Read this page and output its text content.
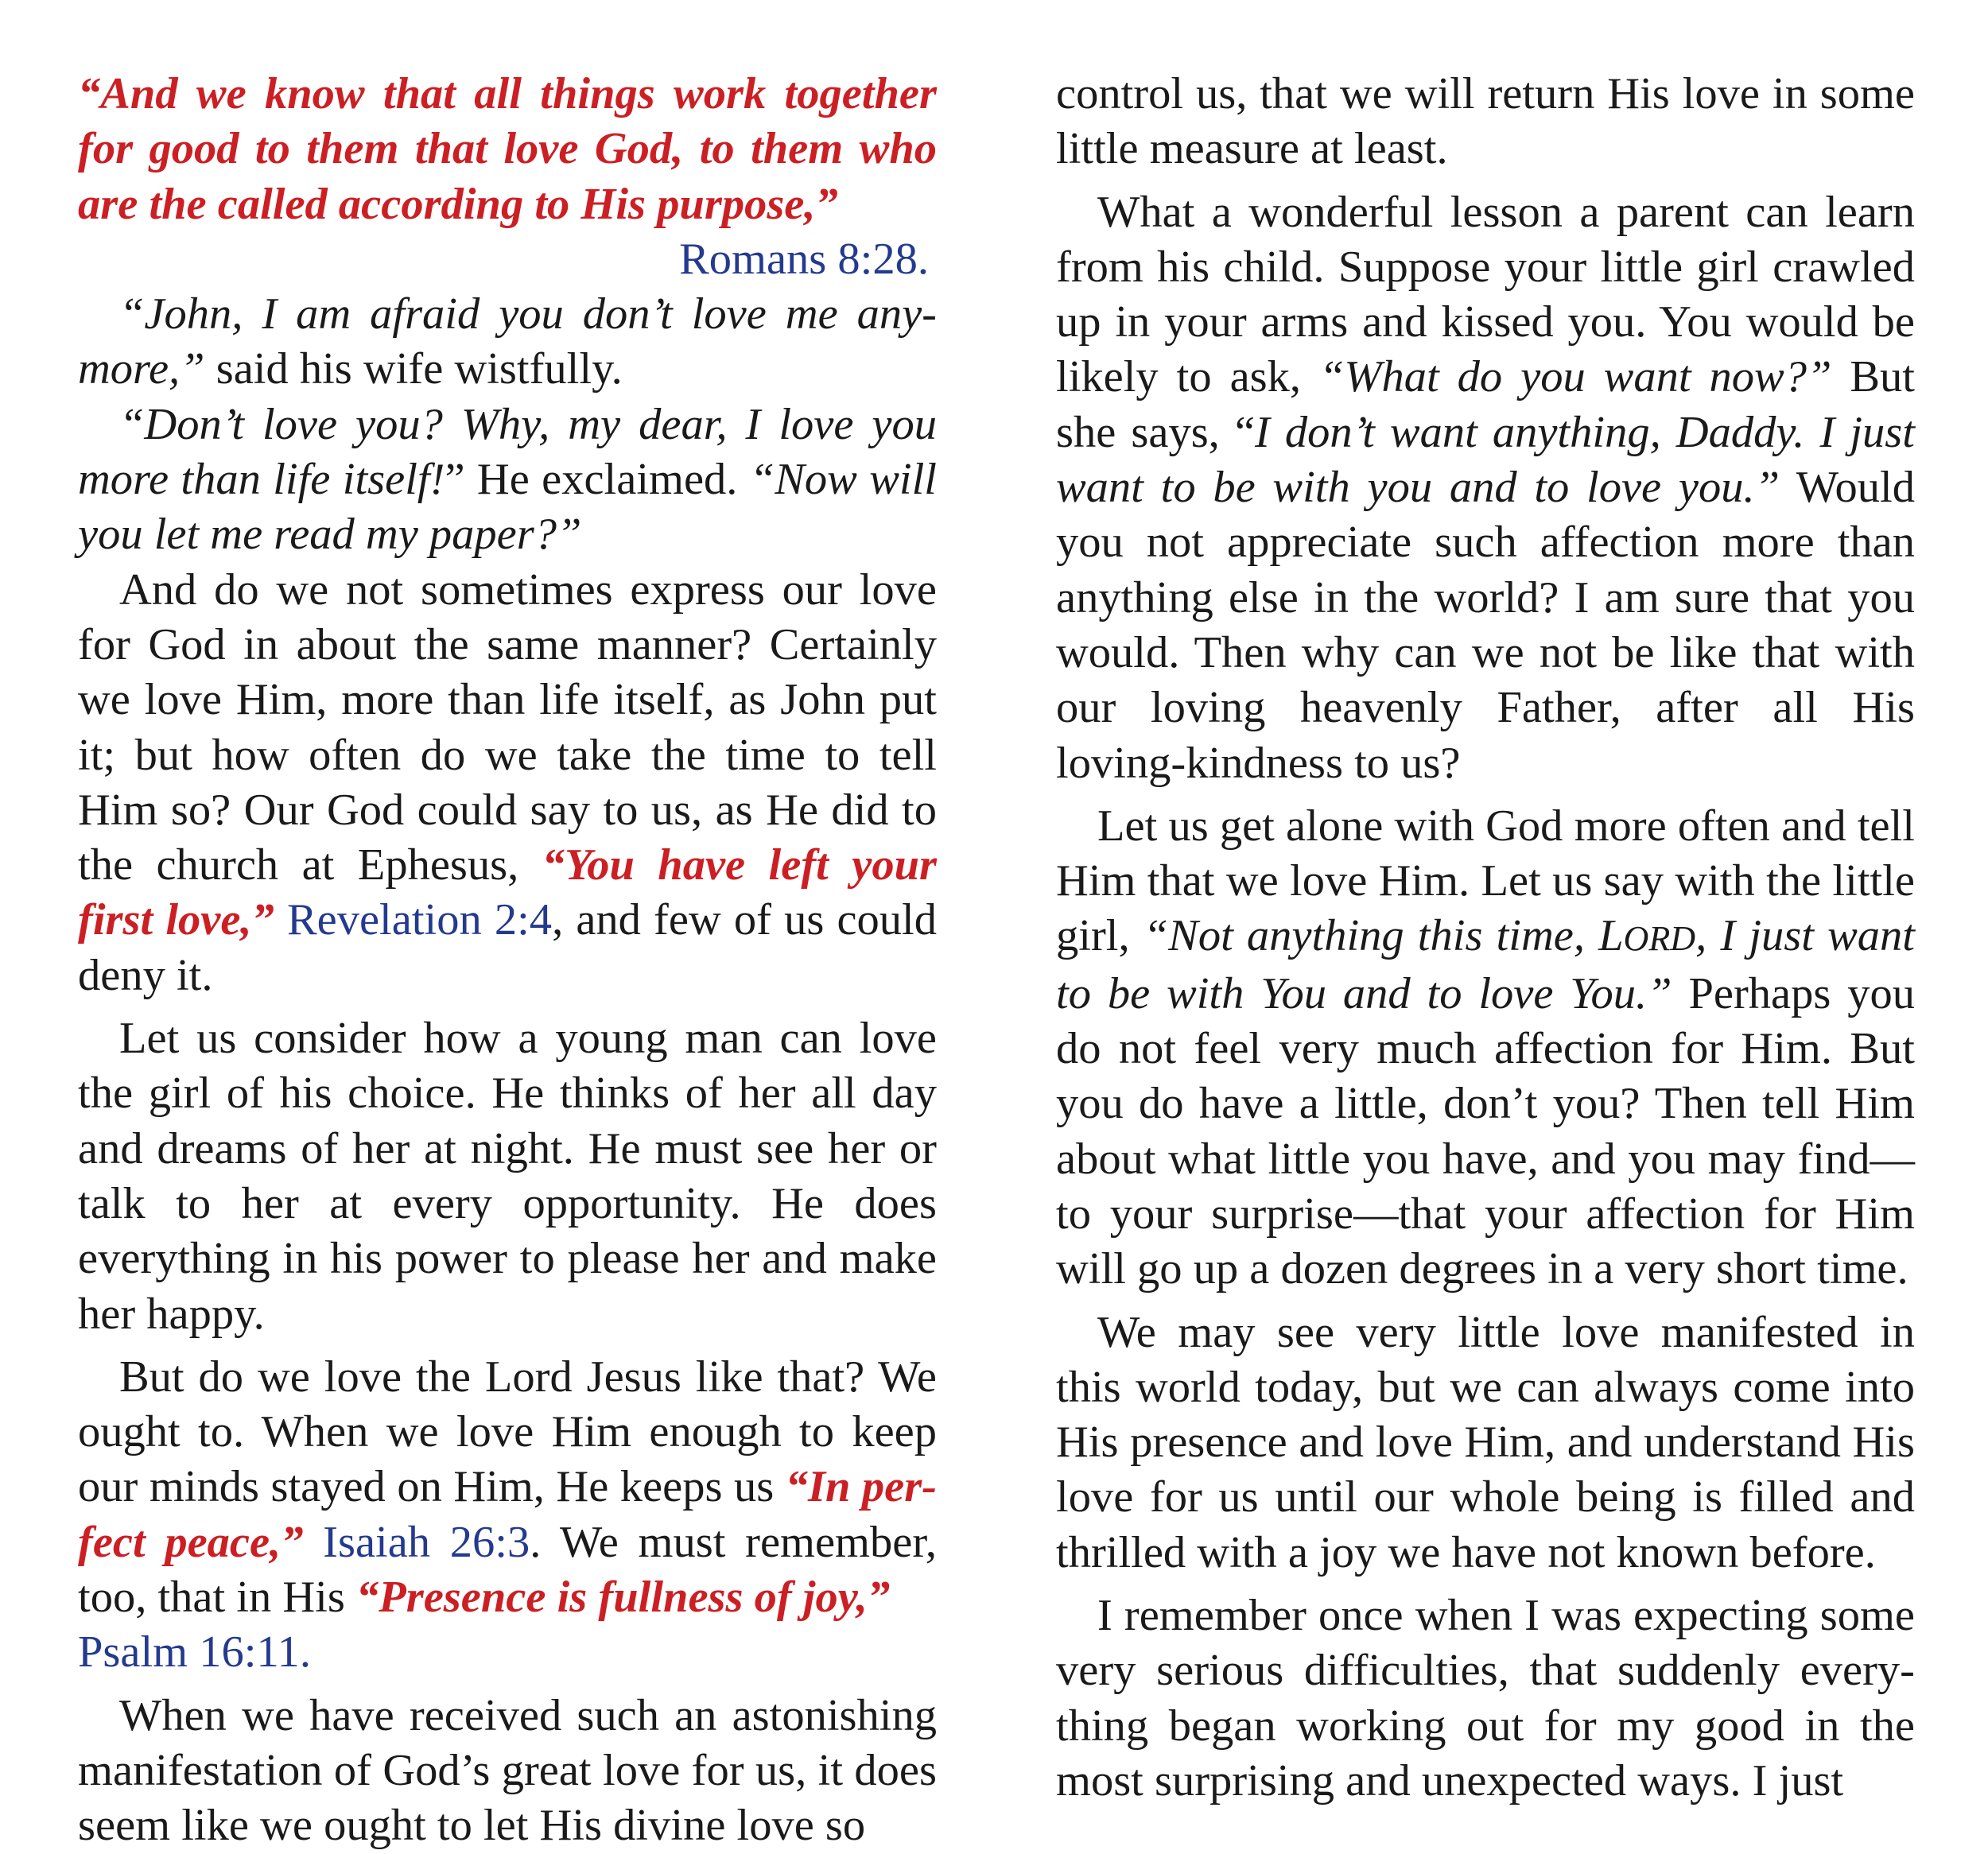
“And we know that all things work together for good to them that love God, to them who are the called according to His purpose,”

Romans 8:28.

“John, I am afraid you don’t love me any-more,” said his wife wistfully.

“Don’t love you? Why, my dear, I love you more than life itself!” He exclaimed. “Now will you let me read my paper?”

And do we not sometimes express our love for God in about the same manner? Certainly we love Him, more than life itself, as John put it; but how often do we take the time to tell Him so? Our God could say to us, as He did to the church at Ephesus, “You have left your first love,” Revelation 2:4, and few of us could deny it.

Let us consider how a young man can love the girl of his choice. He thinks of her all day and dreams of her at night. He must see her or talk to her at every opportunity. He does everything in his power to please her and make her happy.

But do we love the Lord Jesus like that? We ought to. When we love Him enough to keep our minds stayed on Him, He keeps us “In per-fect peace,” Isaiah 26:3. We must remember, too, that in His “Presence is fullness of joy,”
Psalm 16:11.

When we have received such an astonishing manifestation of God’s great love for us, it does seem like we ought to let His divine love so

control us, that we will return His love in some little measure at least.

What a wonderful lesson a parent can learn from his child. Suppose your little girl crawled up in your arms and kissed you. You would be likely to ask, “What do you want now?” But she says, “I don’t want anything, Daddy. I just want to be with you and to love you.” Would you not appreciate such affection more than anything else in the world? I am sure that you would. Then why can we not be like that with our loving heavenly Father, after all His loving-kindness to us?

Let us get alone with God more often and tell Him that we love Him. Let us say with the little girl, “Not anything this time, LORD, I just want to be with You and to love You.” Perhaps you do not feel very much affection for Him. But you do have a little, don’t you? Then tell Him about what little you have, and you may find—to your surprise—that your affection for Him will go up a dozen degrees in a very short time.

We may see very little love manifested in this world today, but we can always come into His presence and love Him, and understand His love for us until our whole being is filled and thrilled with a joy we have not known before.

I remember once when I was expecting some very serious difficulties, that suddenly every-thing began working out for my good in the most surprising and unexpected ways. I just
